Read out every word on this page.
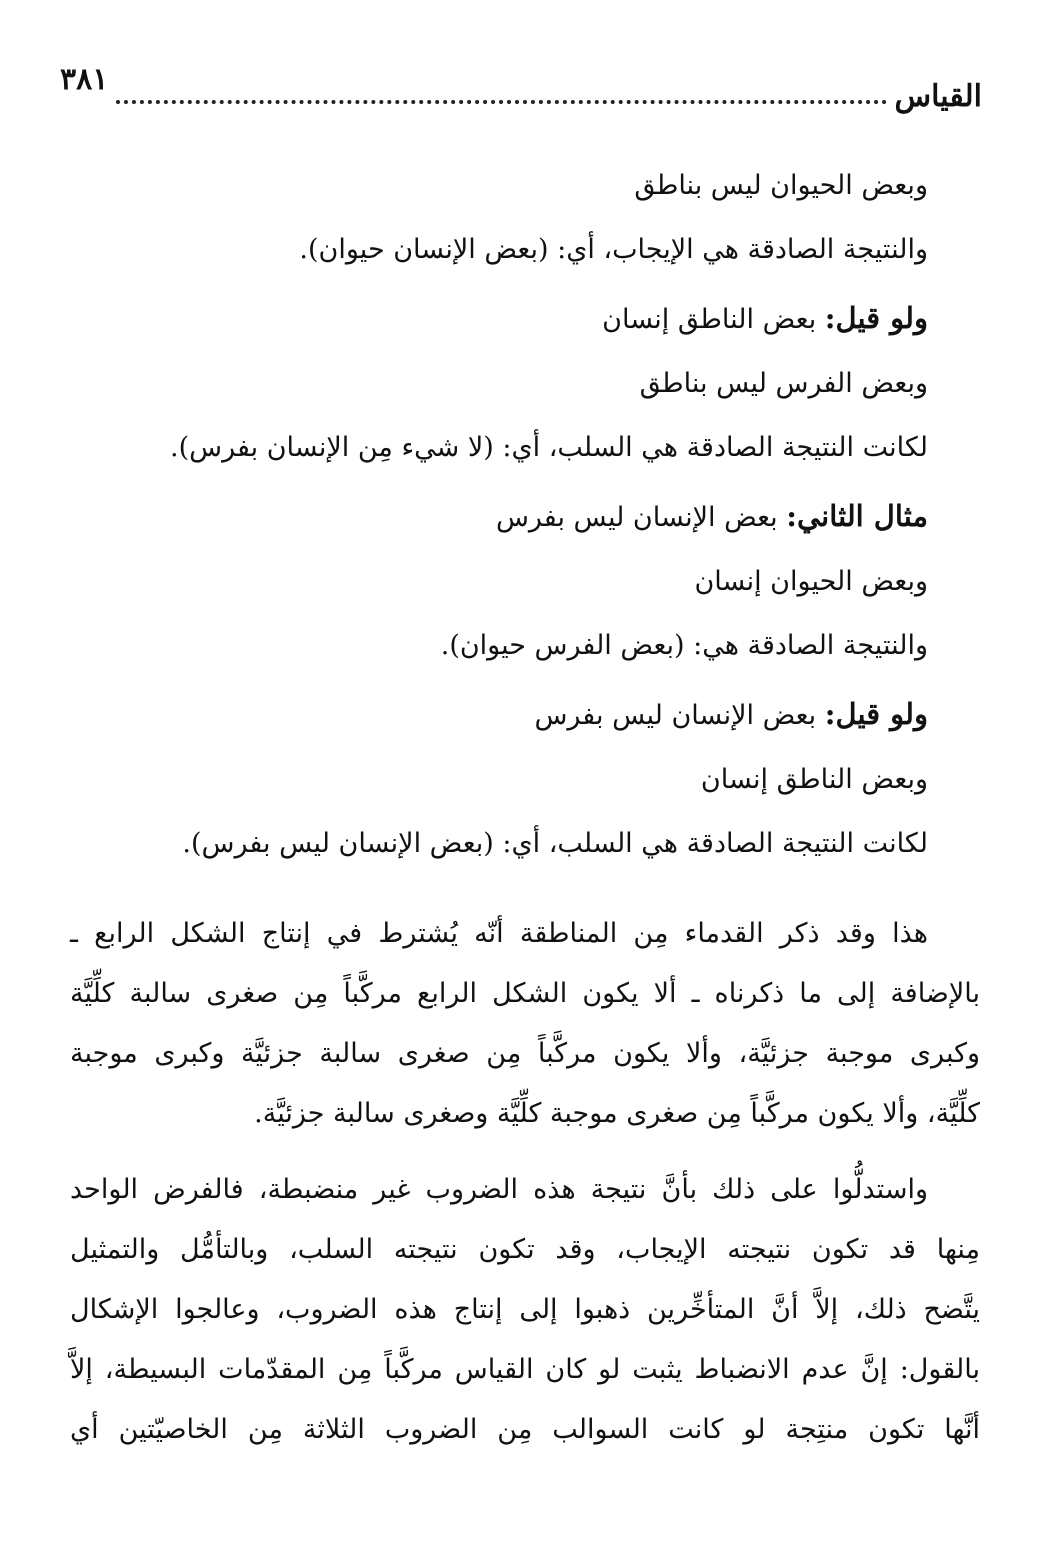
القياس
٣٨١
وبعض الحيوان ليس بناطق
والنتيجة الصادقة هي الإيجاب، أي: (بعض الإنسان حيوان).
ولو قيل: بعض الناطق إنسان
وبعض الفرس ليس بناطق
لكانت النتيجة الصادقة هي السلب، أي: (لا شيء مِن الإنسان بفرس).
مثال الثاني: بعض الإنسان ليس بفرس
وبعض الحيوان إنسان
والنتيجة الصادقة هي: (بعض الفرس حيوان).
ولو قيل: بعض الإنسان ليس بفرس
وبعض الناطق إنسان
لكانت النتيجة الصادقة هي السلب، أي: (بعض الإنسان ليس بفرس).
هذا وقد ذكر القدماء مِن المناطقة أنّه يُشترط في إنتاج الشكل الرابع ـ
بالإضافة إلى ما ذكرناه ـ ألا يكون الشكل الرابع مركَّباً مِن صغرى سالبة كلِّيَّة
وكبرى موجبة جزئيَّة، وألا يكون مركَّباً مِن صغرى سالبة جزئيَّة وكبرى موجبة
كلِّيَّة، وألا يكون مركَّباً مِن صغرى موجبة كلِّيَّة وصغرى سالبة جزئيَّة.
واستدلُّوا على ذلك بأنَّ نتيجة هذه الضروب غير منضبطة، فالفرض الواحد
مِنها قد تكون نتيجته الإيجاب، وقد تكون نتيجته السلب، وبالتأمُّل والتمثيل
يتَّضح ذلك، إلاَّ أنَّ المتأخِّرين ذهبوا إلى إنتاج هذه الضروب، وعالجوا الإشكال
بالقول: إنَّ عدم الانضباط يثبت لو كان القياس مركَّباً مِن المقدّمات البسيطة، إلاَّ
أنَّها تكون منتِجة لو كانت السوالب مِن الضروب الثلاثة مِن الخاصيّتين أي
